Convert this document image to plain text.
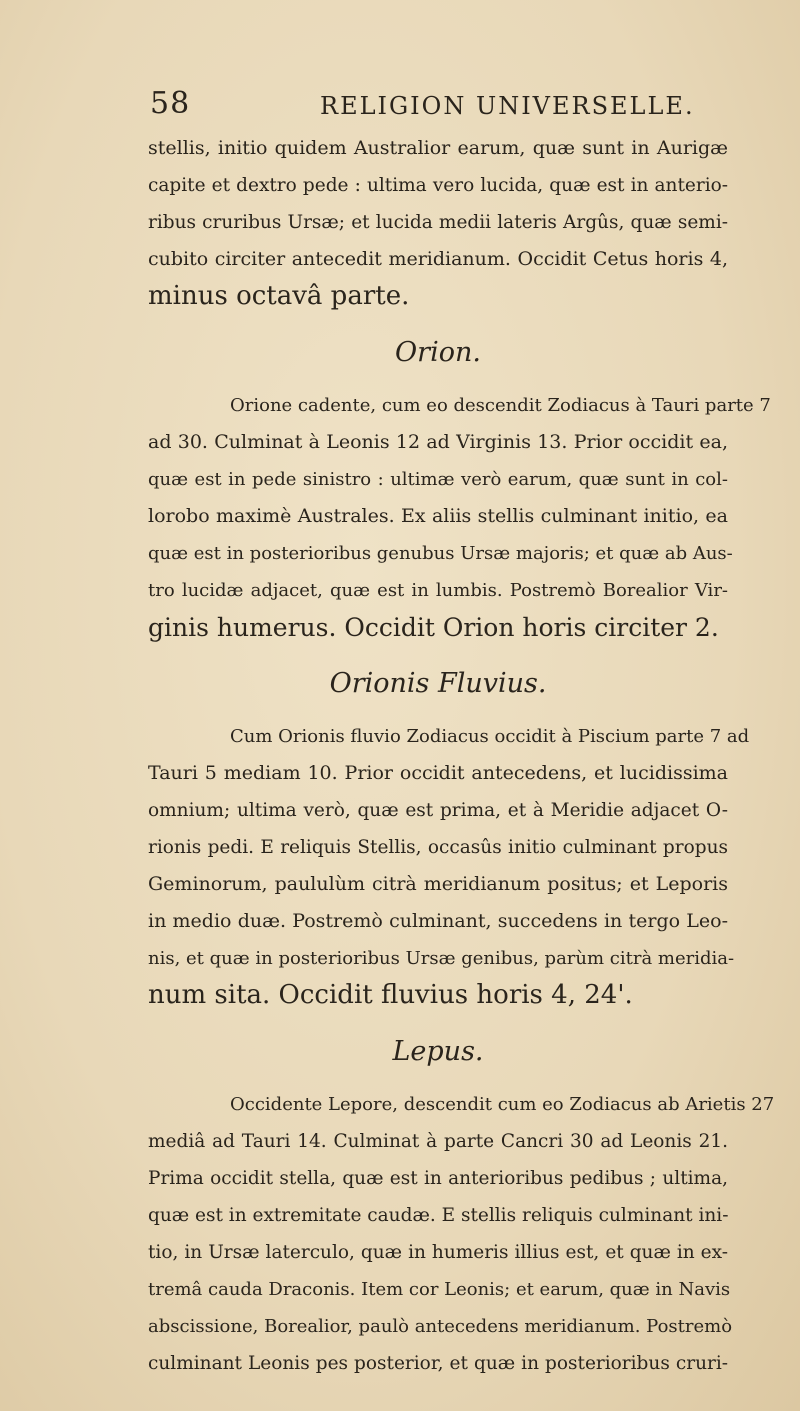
58	RELIGION UNIVERSELLE.
stellis, initio quidem Australior earum, quæ sunt in Aurigæ
capite et dextro pede : ultima vero lucida, quæ est in anterio-
ribus cruribus Ursæ; et lucida medii lateris Argûs, quæ semi-
cubito circiter antecedit meridianum. Occidit Cetus horis 4,
minus octavâ parte.
Orion.
Orione cadente, cum eo descendit Zodiacus à Tauri parte 7
ad 30. Culminat à Leonis 12 ad Virginis 13. Prior occidit ea,
quæ est in pede sinistro : ultimæ verò earum, quæ sunt in col-
lorobo maximè Australes. Ex aliis stellis culminant initio, ea
quæ est in posterioribus genubus Ursæ majoris; et quæ ab Aus-
tro lucidæ adjacet, quæ est in lumbis. Postremò Borealior Vir-
ginis humerus. Occidit Orion horis circiter 2.
Orionis Fluvius.
Cum Orionis fluvio Zodiacus occidit à Piscium parte 7 ad
Tauri 5 mediam 10. Prior occidit antecedens, et lucidissima
omnium; ultima verò, quæ est prima, et à Meridie adjacet O-
rionis pedi. E reliquis Stellis, occasûs initio culminant propus
Geminorum, paululùm citrà meridianum positus; et Leporis
in medio duæ. Postremò culminant, succedens in tergo Leo-
nis, et quæ in posterioribus Ursæ genibus, parùm citrà meridia-
num sita. Occidit fluvius horis 4, 24'.
Lepus.
Occidente Lepore, descendit cum eo Zodiacus ab Arietis 27
mediâ ad Tauri 14. Culminat à parte Cancri 30 ad Leonis 21.
Prima occidit stella, quæ est in anterioribus pedibus ; ultima,
quæ est in extremitate caudæ. E stellis reliquis culminant ini-
tio, in Ursæ laterculo, quæ in humeris illius est, et quæ in ex-
tremâ cauda Draconis. Item cor Leonis; et earum, quæ in Navis
abscissione, Borealior, paulò antecedens meridianum. Postremò
culminant Leonis pes posterior, et quæ in posterioribus cruri-
